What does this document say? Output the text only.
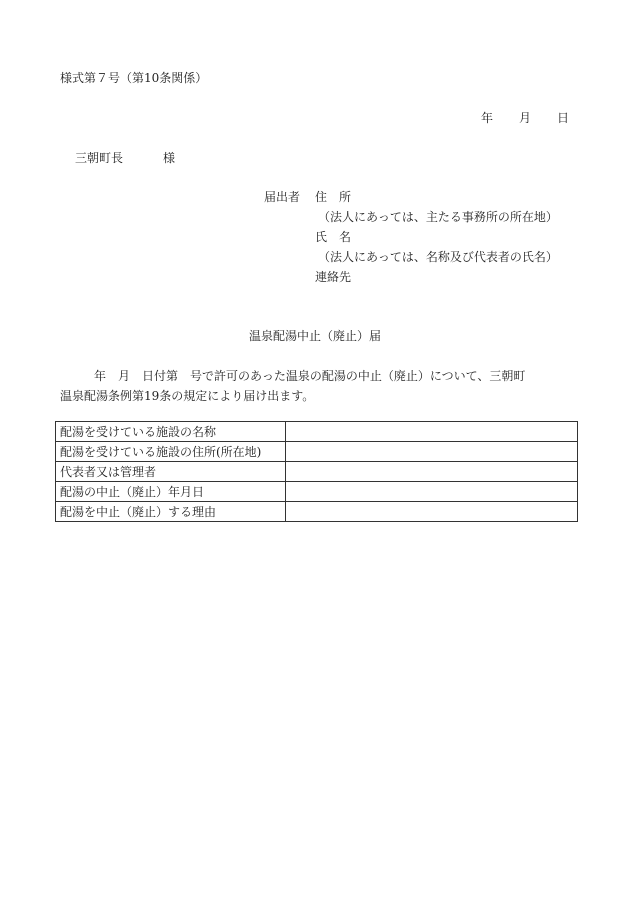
様式第７号（第10条関係）
年 月 日
三朝町長	様
届出者 住　所
（法人にあっては、主たる事務所の所在地）
氏　名
（法人にあっては、名称及び代表者の氏名）
連絡先
温泉配湯中止（廃止）届
年　月　日付第　号で許可のあった温泉の配湯の中止（廃止）について、三朝町
温泉配湯条例第19条の規定により届け出ます。
配湯を受けている施設の名称	
配湯を受けている施設の住所(所在地)	
代表者又は管理者	
配湯の中止（廃止）年月日	
配湯を中止（廃止）する理由	
